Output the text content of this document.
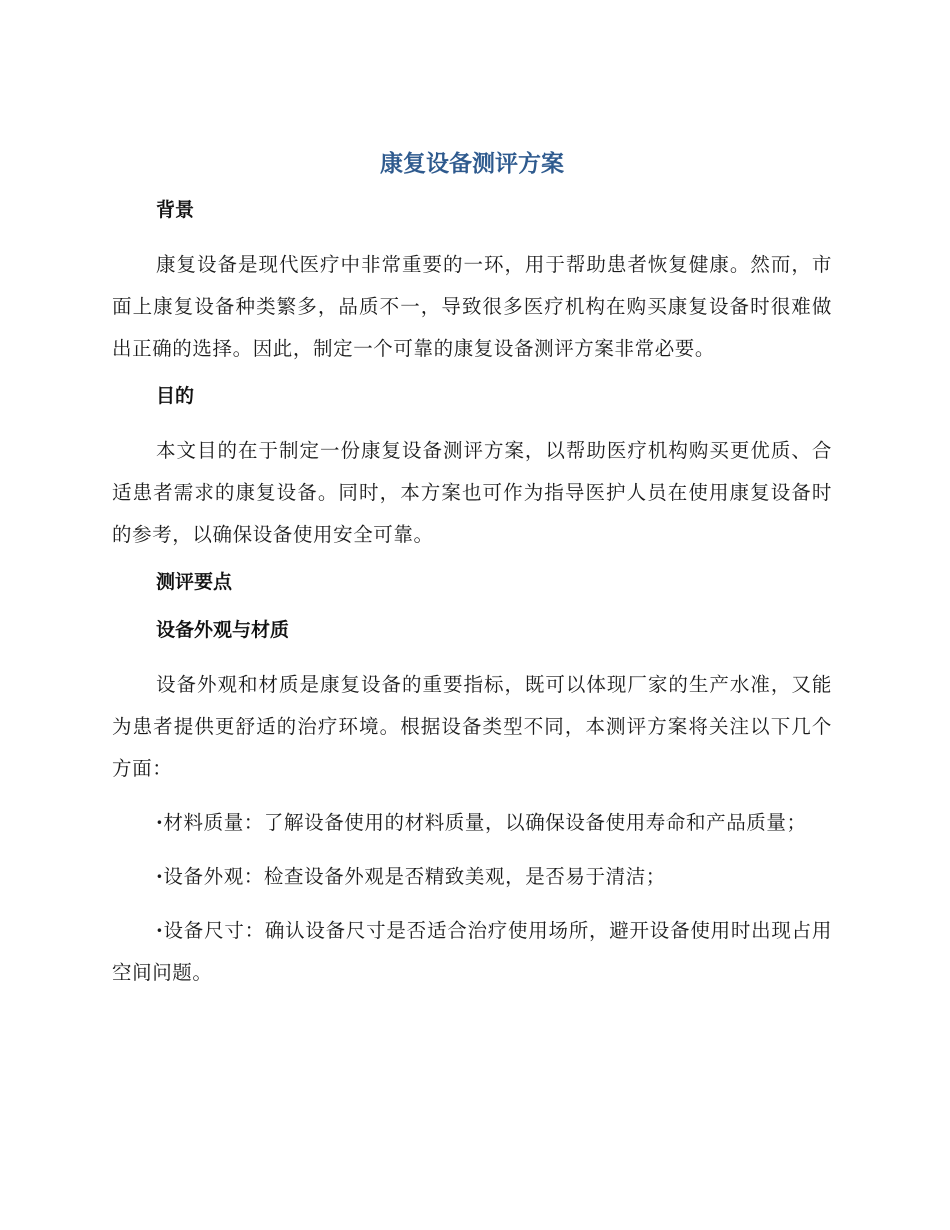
康复设备测评方案
背景

康复设备是现代医疗中非常重要的一环，用于帮助患者恢复健康。然而，市面上康复设备种类繁多，品质不一，导致很多医疗机构在购买康复设备时很难做出正确的选择。因此，制定一个可靠的康复设备测评方案非常必要。

目的

本文目的在于制定一份康复设备测评方案，以帮助医疗机构购买更优质、合适患者需求的康复设备。同时，本方案也可作为指导医护人员在使用康复设备时的参考，以确保设备使用安全可靠。

测评要点
设备外观与材质

设备外观和材质是康复设备的重要指标，既可以体现厂家的生产水准，又能为患者提供更舒适的治疗环境。根据设备类型不同，本测评方案将关注以下几个方面：

·材料质量：了解设备使用的材料质量，以确保设备使用寿命和产品质量；

·设备外观：检查设备外观是否精致美观，是否易于清洁；

·设备尺寸：确认设备尺寸是否适合治疗使用场所，避开设备使用时出现占用空间问题。
